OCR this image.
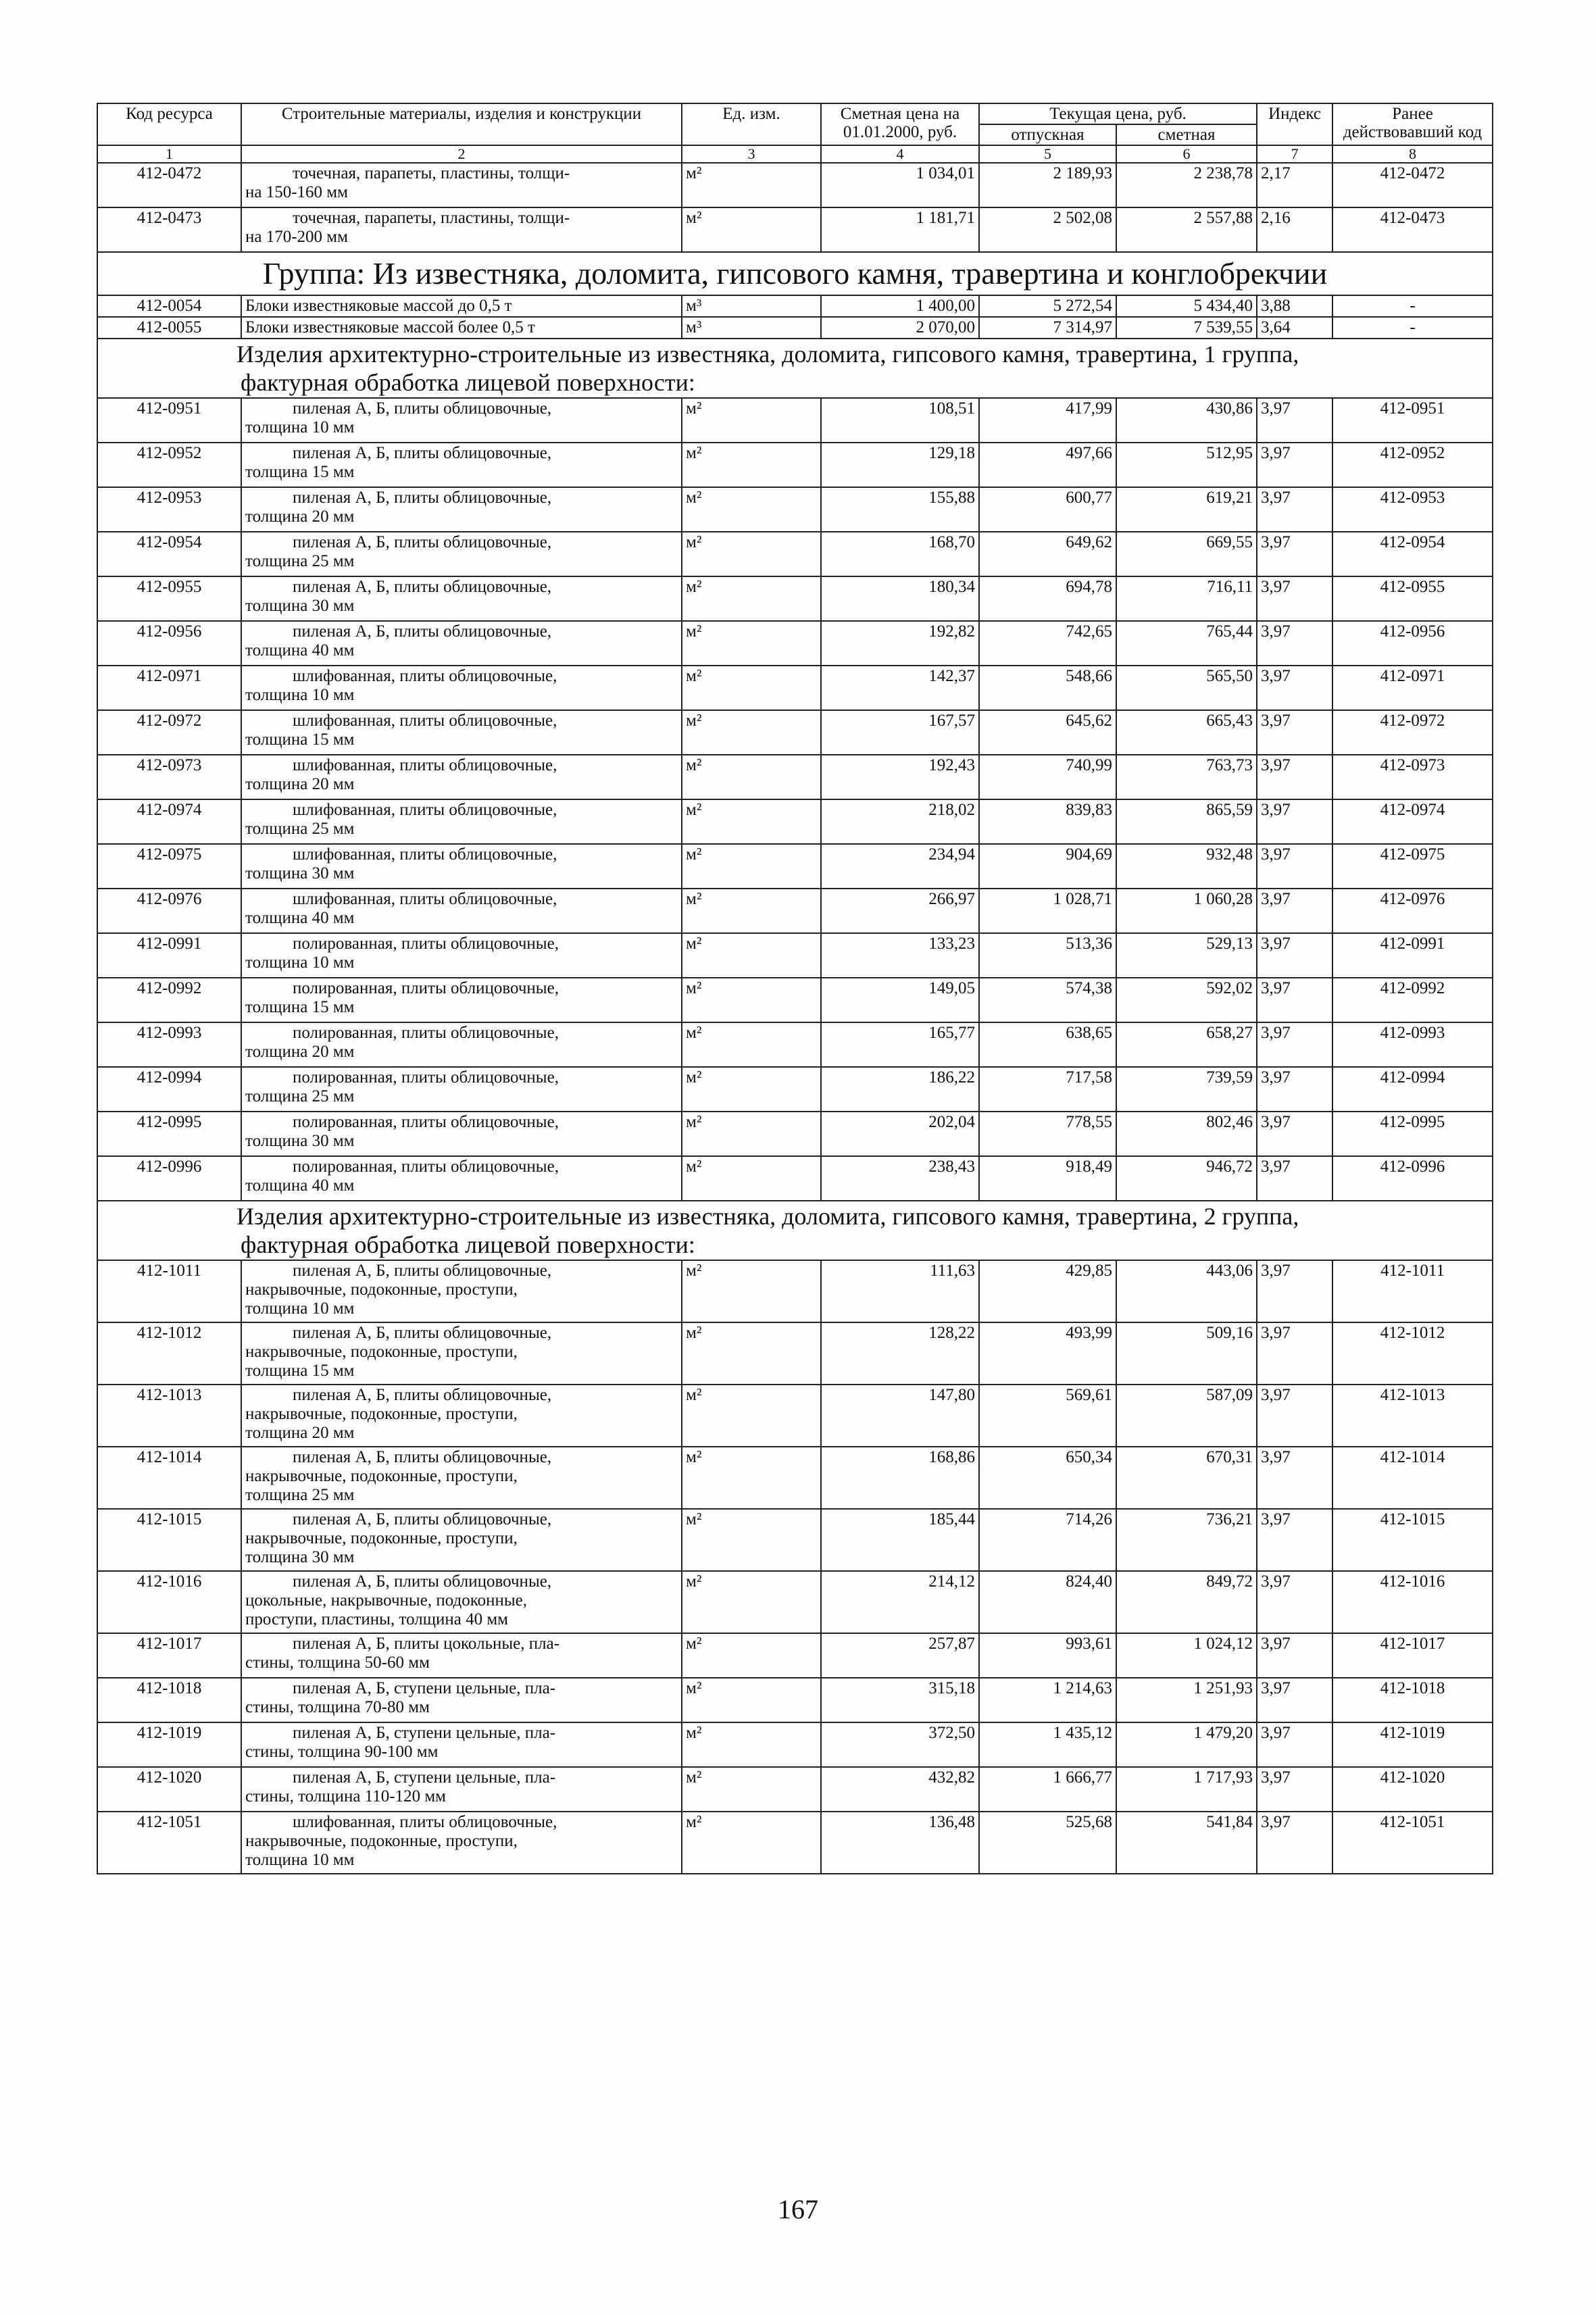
Код ресурса	Строительные материалы, изделия и конструкции	Ед. изм.	Сметная цена на 01.01.2000, руб.	Текущая цена, руб.		Индекс	Ранее действовавший код
				отпускная	сметная		
1	2	3	4	5	6	7	8
412-0472	точечная, парапеты, пластины, толщи-
на 150-160 мм	м²	1 034,01	2 189,93	2 238,78	2,17	412-0472
412-0473	точечная, парапеты, пластины, толщи-
на 170-200 мм	м²	1 181,71	2 502,08	2 557,88	2,16	412-0473
Группа: Из известняка, доломита, гипсового камня, травертина и конглобрекчии							
412-0054	Блоки известняковые массой до 0,5 т	м³	1 400,00	5 272,54	5 434,40	3,88	-
412-0055	Блоки известняковые массой более 0,5 т	м³	2 070,00	7 314,97	7 539,55	3,64	-

Изделия архитектурно-строительные из известняка, доломита, гипсового камня, травертина, 1 группа,
фактурная обработка лицевой поверхности:							

412-0951	пиленая А, Б, плиты облицовочные,
толщина 10 мм	м²	108,51	417,99	430,86	3,97	412-0951
412-0952	пиленая А, Б, плиты облицовочные,
толщина 15 мм	м²	129,18	497,66	512,95	3,97	412-0952
412-0953	пиленая А, Б, плиты облицовочные,
толщина 20 мм	м²	155,88	600,77	619,21	3,97	412-0953
412-0954	пиленая А, Б, плиты облицовочные,
толщина 25 мм	м²	168,70	649,62	669,55	3,97	412-0954
412-0955	пиленая А, Б, плиты облицовочные,
толщина 30 мм	м²	180,34	694,78	716,11	3,97	412-0955
412-0956	пиленая А, Б, плиты облицовочные,
толщина 40 мм	м²	192,82	742,65	765,44	3,97	412-0956
412-0971	шлифованная, плиты облицовочные,
толщина 10 мм	м²	142,37	548,66	565,50	3,97	412-0971
412-0972	шлифованная, плиты облицовочные,
толщина 15 мм	м²	167,57	645,62	665,43	3,97	412-0972
412-0973	шлифованная, плиты облицовочные,
толщина 20 мм	м²	192,43	740,99	763,73	3,97	412-0973
412-0974	шлифованная, плиты облицовочные,
толщина 25 мм	м²	218,02	839,83	865,59	3,97	412-0974
412-0975	шлифованная, плиты облицовочные,
толщина 30 мм	м²	234,94	904,69	932,48	3,97	412-0975
412-0976	шлифованная, плиты облицовочные,
толщина 40 мм	м²	266,97	1 028,71	1 060,28	3,97	412-0976
412-0991	полированная, плиты облицовочные,
толщина 10 мм	м²	133,23	513,36	529,13	3,97	412-0991
412-0992	полированная, плиты облицовочные,
толщина 15 мм	м²	149,05	574,38	592,02	3,97	412-0992
412-0993	полированная, плиты облицовочные,
толщина 20 мм	м²	165,77	638,65	658,27	3,97	412-0993
412-0994	полированная, плиты облицовочные,
толщина 25 мм	м²	186,22	717,58	739,59	3,97	412-0994
412-0995	полированная, плиты облицовочные,
толщина 30 мм	м²	202,04	778,55	802,46	3,97	412-0995
412-0996	полированная, плиты облицовочные,
толщина 40 мм	м²	238,43	918,49	946,72	3,97	412-0996

Изделия архитектурно-строительные из известняка, доломита, гипсового камня, травертина, 2 группа,
фактурная обработка лицевой поверхности:							

412-1011	пиленая А, Б, плиты облицовочные,
накрывочные, подоконные, проступи,
толщина 10 мм	м²	111,63	429,85	443,06	3,97	412-1011
412-1012	пиленая А, Б, плиты облицовочные,
накрывочные, подоконные, проступи,
толщина 15 мм	м²	128,22	493,99	509,16	3,97	412-1012
412-1013	пиленая А, Б, плиты облицовочные,
накрывочные, подоконные, проступи,
толщина 20 мм	м²	147,80	569,61	587,09	3,97	412-1013
412-1014	пиленая А, Б, плиты облицовочные,
накрывочные, подоконные, проступи,
толщина 25 мм	м²	168,86	650,34	670,31	3,97	412-1014
412-1015	пиленая А, Б, плиты облицовочные,
накрывочные, подоконные, проступи,
толщина 30 мм	м²	185,44	714,26	736,21	3,97	412-1015
412-1016	пиленая А, Б, плиты облицовочные,
цокольные, накрывочные, подоконные,
проступи, пластины, толщина 40 мм	м²	214,12	824,40	849,72	3,97	412-1016
412-1017	пиленая А, Б, плиты цокольные, пла-
стины, толщина 50-60 мм	м²	257,87	993,61	1 024,12	3,97	412-1017
412-1018	пиленая А, Б, ступени цельные, пла-
стины, толщина 70-80 мм	м²	315,18	1 214,63	1 251,93	3,97	412-1018
412-1019	пиленая А, Б, ступени цельные, пла-
стины, толщина 90-100 мм	м²	372,50	1 435,12	1 479,20	3,97	412-1019
412-1020	пиленая А, Б, ступени цельные, пла-
стины, толщина 110-120 мм	м²	432,82	1 666,77	1 717,93	3,97	412-1020
412-1051	шлифованная, плиты облицовочные,
накрывочные, подоконные, проступи,
толщина 10 мм	м²	136,48	525,68	541,84	3,97	412-1051
167
